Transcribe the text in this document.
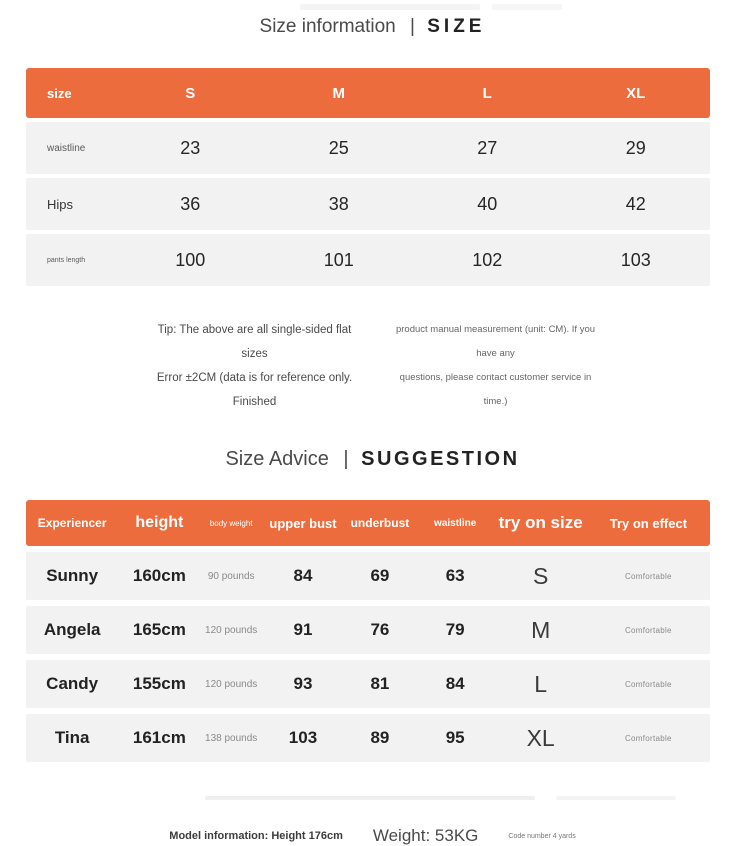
Size information | SIZE
size	S	M	L	XL
waistline	23	25	27	29
Hips	36	38	40	42
pants length	100	101	102	103
Tip: The above are all single-sided flat sizes
Error ±2CM (data is for reference only. Finished
product manual measurement (unit: CM). If you have any
questions, please contact customer service in time.)
Size Advice | SUGGESTION
Experiencer	height	body weight	upper bust	underbust	waistline	try on size	Try on effect
Sunny	160cm	90 pounds	84	69	63	S	Comfortable
Angela	165cm	120 pounds	91	76	79	M	Comfortable
Candy	155cm	120 pounds	93	81	84	L	Comfortable
Tina	161cm	138 pounds	103	89	95	XL	Comfortable
Model information: Height 176cm Weight: 53KG	Code number 4 yards
